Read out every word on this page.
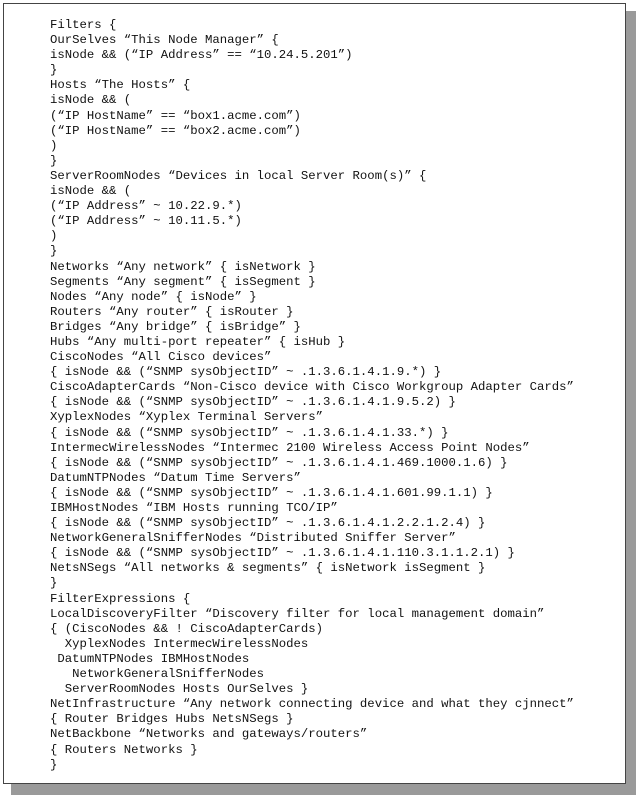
Filters {
OurSelves “This Node Manager” {
isNode && (“IP Address” == “10.24.5.201”)
}
Hosts “The Hosts” {
isNode && (
(“IP HostName” == “box1.acme.com”)
(“IP HostName” == “box2.acme.com”)
)
}
ServerRoomNodes “Devices in local Server Room(s)” {
isNode && (
(“IP Address” ~ 10.22.9.*)
(“IP Address” ~ 10.11.5.*)
)
}
Networks “Any network” { isNetwork }
Segments “Any segment” { isSegment }
Nodes “Any node” { isNode” }
Routers “Any router” { isRouter }
Bridges “Any bridge” { isBridge” }
Hubs “Any multi-port repeater” { isHub }
CiscoNodes “All Cisco devices”
{ isNode && (“SNMP sysObjectID” ~ .1.3.6.1.4.1.9.*) }
CiscoAdapterCards “Non-Cisco device with Cisco Workgroup Adapter Cards”
{ isNode && (“SNMP sysObjectID” ~ .1.3.6.1.4.1.9.5.2) }
XyplexNodes “Xyplex Terminal Servers”
{ isNode && (“SNMP sysObjectID” ~ .1.3.6.1.4.1.33.*) }
IntermecWirelessNodes “Intermec 2100 Wireless Access Point Nodes”
{ isNode && (“SNMP sysObjectID” ~ .1.3.6.1.4.1.469.1000.1.6) }
DatumNTPNodes “Datum Time Servers”
{ isNode && (“SNMP sysObjectID” ~ .1.3.6.1.4.1.601.99.1.1) }
IBMHostNodes “IBM Hosts running TCO/IP”
{ isNode && (“SNMP sysObjectID” ~ .1.3.6.1.4.1.2.2.1.2.4) }
NetworkGeneralSnifferNodes “Distributed Sniffer Server”
{ isNode && (“SNMP sysObjectID” ~ .1.3.6.1.4.1.110.3.1.1.2.1) }
NetsNSegs “All networks & segments” { isNetwork isSegment }
}
FilterExpressions {
LocalDiscoveryFilter “Discovery filter for local management domain”
{ (CiscoNodes && ! CiscoAdapterCards)
XyplexNodes IntermecWirelessNodes
DatumNTPNodes IBMHostNodes
NetworkGeneralSnifferNodes
ServerRoomNodes Hosts OurSelves }
NetInfrastructure “Any network connecting device and what they cjnnect”
{ Router Bridges Hubs NetsNSegs }
NetBackbone “Networks and gateways/routers”
{ Routers Networks }
}
